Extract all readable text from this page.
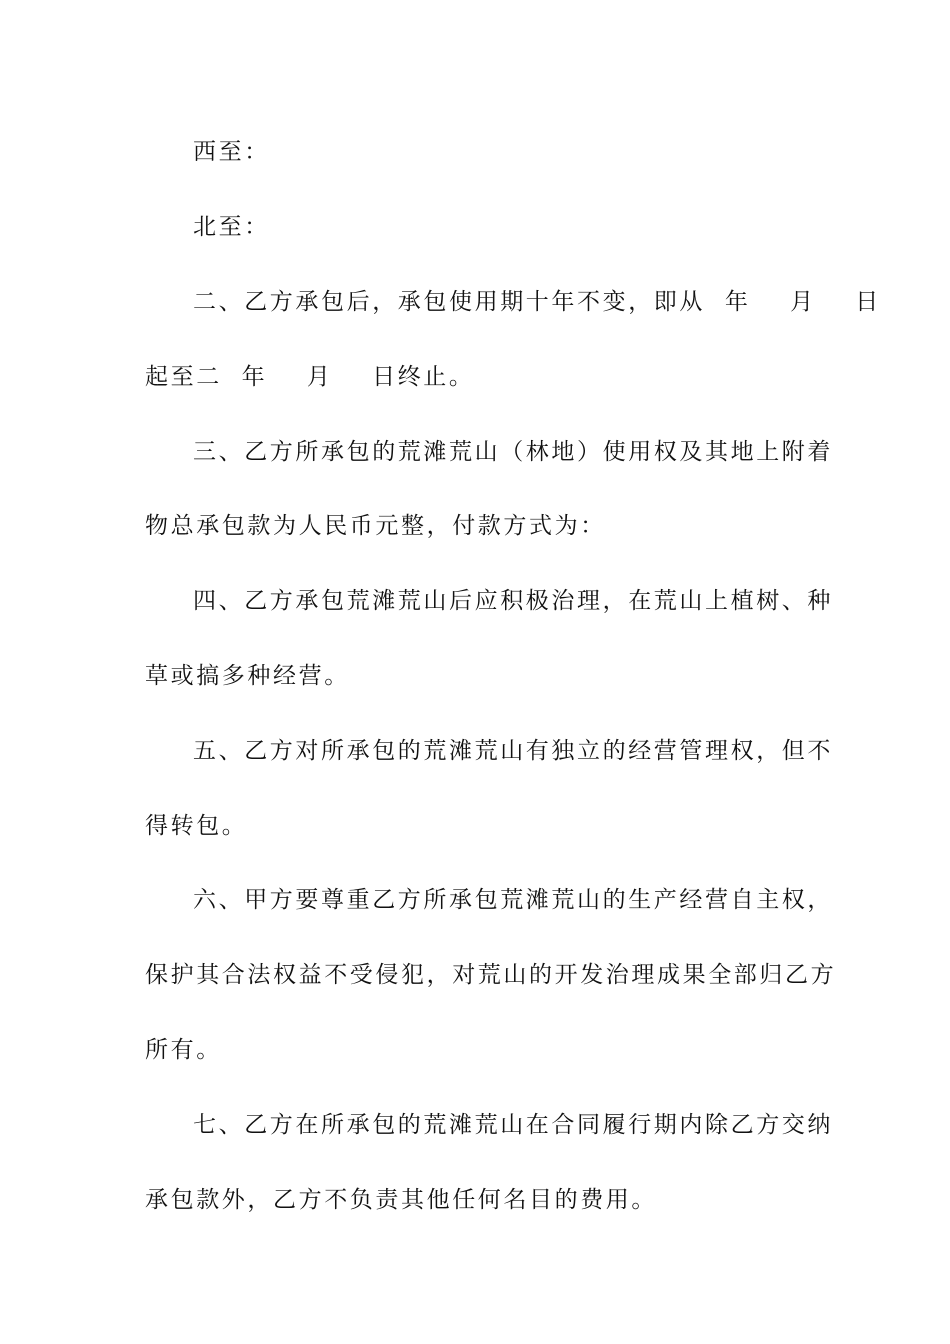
西至：
北至：
二、乙方承包后，承包使用期十年不变，即从  年    月    日
起至二  年    月    日终止。
三、乙方所承包的荒滩荒山（林地）使用权及其地上附着
物总承包款为人民币元整，付款方式为：
四、乙方承包荒滩荒山后应积极治理，在荒山上植树、种
草或搞多种经营。
五、乙方对所承包的荒滩荒山有独立的经营管理权，但不
得转包。
六、甲方要尊重乙方所承包荒滩荒山的生产经营自主权，
保护其合法权益不受侵犯，对荒山的开发治理成果全部归乙方
所有。
七、乙方在所承包的荒滩荒山在合同履行期内除乙方交纳
承包款外，乙方不负责其他任何名目的费用。
